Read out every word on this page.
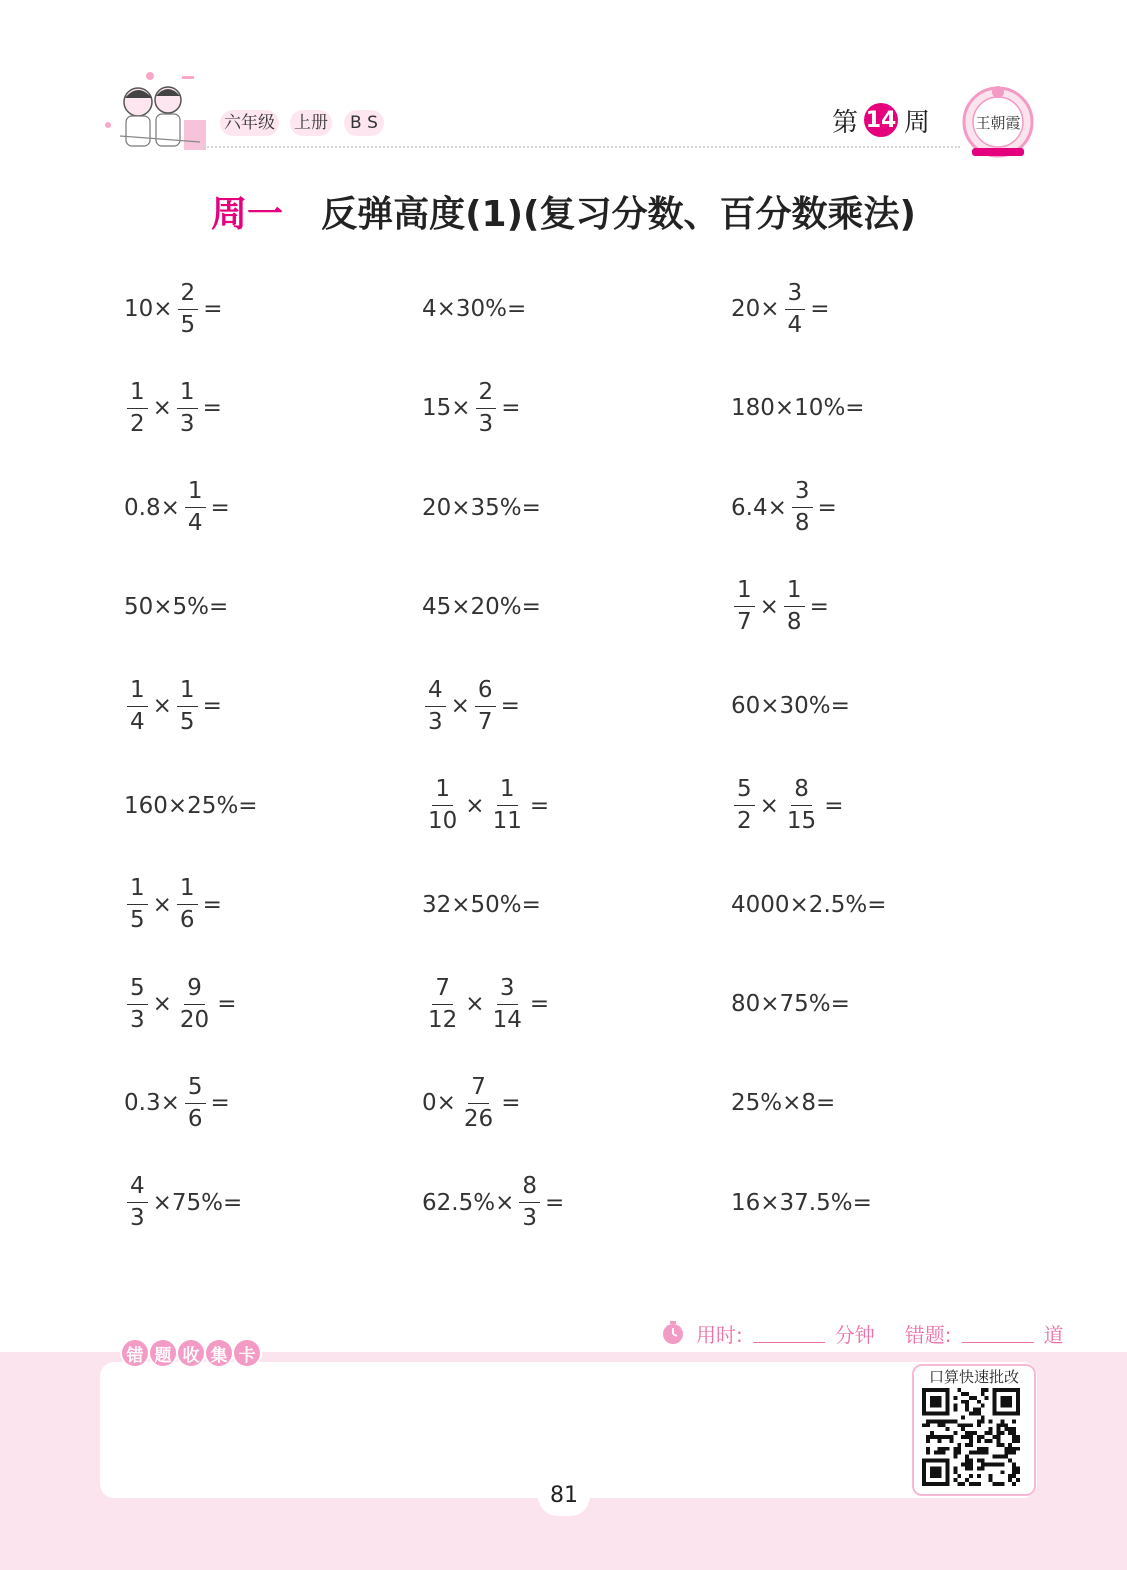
六年级 上册	B S	第 14 周	王朝霞
周一 反弹高度(1)(复习分数、百分数乘法)
$10\times \frac{2}{5}$ =	4×30%=	$20\times \frac{3}{4}$ =
$\frac{1}{2} \times \frac{1}{3}$ =	$15\times \frac{2}{3}$ =	180×10%=
$0.8\times \frac{1}{4}$ =	20×35%=	$6.4\times \frac{3}{8}$ =
50×5%=	45×20%=	$\frac{1}{7} \times \frac{1}{8}$ =
$\frac{1}{4} \times \frac{1}{5}$ =	$\frac{4}{3} \times \frac{6}{7}$ =	60×30%=
160×25%=	$\frac{1}{10} \times \frac{1}{11}$ =	$\frac{5}{2} \times \frac{8}{15}$ =
$\frac{1}{5} \times \frac{1}{6}$ =	32×50%=	4000×2.5%=
$\frac{5}{3} \times \frac{9}{20}$ =	$\frac{7}{12} \times \frac{3}{14}$ =	80×75%=
$0.3\times \frac{5}{6}$ =	$0\times \frac{7}{26}$ =	25%×8=
$\frac{4}{3} \times 75\%=$	$62.5\%\times \frac{8}{3}$ =	16×37.5%=
用时:	分钟 错题:	道
错 题 收 集 卡
口算快速批改
81
